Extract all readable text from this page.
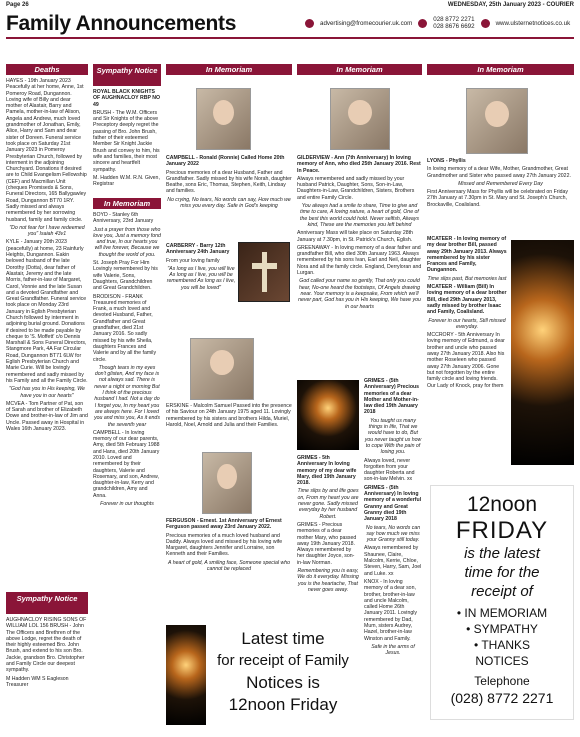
Page 26	WEDNESDAY, 25th January 2023 - COURIER
Family Announcements	advertising@fromecourier.uk.com	028 8772 2271
028 8676 6692	www.ulsternetnotices.co.uk
Deaths

HAYES - 19th January 2023 Peacefully at her home, Anne, 1st Pomeroy Road, Dungannon. Loving wife of Billy and dear mother of Alastair, Barry and Pamela, mother-in-law of Alison, Angela and Andrew, much loved grandmother of Jonathan, Emily, Alice, Harry and Sam and dear sister of Doreen. Funeral service took place on Saturday 21st January 2023 in Pomeroy Presbyterian Church, followed by interment in the adjoining Churchyard. Donations if desired are to Child Evangelism Fellowship (CEF) and Macmillan Unit (cheques Promiseds & Sons, Funeral Directors, 165 Ballygawley Road, Dungannon BT70 1RY. Sadly missed and always remembered by her sorrowing husband, family and family circle.

"Do not fear for I have redeemed you" Isaiah 43v1

KYLE - January 20th 2023 (peacefully) at home, 23 Rainfurly Heights, Dungannon. Eakin beloved husband of the late Dorothy (Dotta), dear father of Alastair, Jeremy and the late Morris, father-in-law of Margaret, Carol, Vonnie and the late Susan and a devoted Grandfather and Great Grandfather. Funeral service took place on Monday 23rd January in Eglish Presbyterian Church followed by interment in adjoining burial ground. Donations if desired to be made payable by cheque to 'S. Moffett' c/o Dennis Marshall & Sons Funeral Directors, Stangmore Park, 4A Far Circular Road, Dungannon BT71 6LW for Eglish Presbyterian Church and Marie Curie. Will be lovingly remembered and sadly missed by his Family and all the Family Circle.

"God has you in His keeping, We have you in our hearts"

MCVEA - Tom Partner of Pat, son of Sarah and brother of Elizabeth Dowe and brother-in-law of Jim and Uncle. Passed away in Hospital in Wales 16th January 2023.

Sympathy Notice

AUGHNACLOY RISING SONS OF WILLIAM LOL 156 BRUSH - John The Officers and Brethren of the above Lodge, regret the death of their highly esteemed Bro. John Brush, and extend to his son Bro. Jackie, grandson Bro. Christopher and Family Circle our deepest sympathy.

M Hadden WM S Eagleson Treasurer

Sympathy Notice

ROYAL BLACK KNIGHTS OF AUGHNACLOY RBP NO 49

BRUSH - The W.M. Officers and Sir Knights of the above Preceptory deeply regret the passing of Bro. John Brush, father of their esteemed Member Sir Knight Jackie Brush and convey to him, his wife and families, their most sincere and heartfelt sympathy.

M. Hadden W.M. R.N. Given, Registrar

In Memoriam

BOYD - Stanley 6th Anniversary, 23rd January

Just a prayer from those who love you, Just a memory fond and true, In our hearts you will live forever, Because we thought the world of you.

St. Joseph Pray For Him Lovingly remembered by his wife Valerie, Sons, Daughters, Grandchildren and Great Grandchildren.

BRODISON - FRANK Treasured memories of Frank, a much loved and devoted Husband, Father, Grandfather and Great grandfather, died 21st January 2016. So sadly missed by his wife Sheila, daughters Frances and Valerie and by all the family circle.

Though tears in my eyes don't glisten, And my face is not always sad. There is never a night or morning But I think of the precious husband I had. Not a day do I forget you, In my heart you are always here. For I loved you and miss you, As it ends the seventh year

CAMPBELL - In loving memory of our dear parents, Amy, died 5th February 1988 and Hans, died 20th January 2010. Loved and remembered by their daughters, Valerie and Rosemary, and son, Andrew, daughter-in-law, Kerry and grandchildren, Amy and Anna.

Forever in our thoughts

In Memoriam

CAMPBELL - Ronald (Ronnie) Called Home 20th January 2022

Precious memories of a dear Husband, Father and Grandfather. Sadly missed by his wife Norah, daughter Beathe, sons Eric, Thomas, Stephen, Keith, Lindsay and families.

No crying, No tears, No words can say, How much we miss you every day. Safe in God's keeping

CARBERRY - Barry 12th Anniversary 24th January

From your loving family

"As long as I live, you will live As long as I live, you will be remembered As long as I live, you will be loved"

ERSKINE - Malcolm Samuel Passed into the presence of his Saviour on 24th January 1975 aged 11. Lovingly remembered by his sisters and brothers Hilda, Muriel, Harold, Noel, Arnold and Julia and their Families.

FERGUSON - Ernest. 1st Anniversary of Ernest Ferguson passed away 23rd January 2022.

Precious memories of a much loved husband and Daddy. Always loved and missed by his loving wife Margaret, daughters Jennifer and Lorraine, son Kenneth and their Families.

A heart of gold, A smiling face, Someone special who cannot be replaced

In Memoriam

GILDERVIEW - Ann (7th Anniversary) In loving memory of Ann, who died 25th January 2016. Rest In Peace.

Always remembered and sadly missed by your husband Patrick, Daughter, Sons, Son-in-Law, Daughters-in-Law, Grandchildren, Sisters, Brothers and entire Family Circle.

You always had a smile to share, Time to give and time to care, A loving nature, a heart of gold, One of the best this world could hold. Never selfish, Always kind, These are the memories you left behind

Anniversary Mass will take place on Saturday 28th January at 7.30pm, in St. Patrick's Church, Eglish.

GREENAWAY - In loving memory of a dear father and grandfather Bill, who died 30th January 1963. Always remembered by his sons Ivan, Earl and Neil, daughter Nora and all the family circle. England, Derryloran and Lurgan.

God called your name so gently, That only you could hear, No-one heard the footsteps, Of Angels drawing near. Your memory is a keepsake, From which we'll never part, God has you in His keeping, We have you in our hearts

GRIMES - 5th Anniversary In loving memory of my dear wife Mary, died 19th January 2018.

Time slips by and life goes on, From my heart you are never gone. Sadly missed everyday by her husband Robert.

GRIMES - Precious memories of a dear mother Mary, who passed away 19th January 2018. Always remembered by her daughter Joyce, son-in-law Norman.

Remembering you is easy, We do it everyday. Missing you is the heartache, That never goes away.

GRIMES - (5th Anniversary) Precious memories of a dear Mother and Mother-in-law died 19th January 2018

You taught us many things in life, That we would have to do, But you never taught us how to cope With the pain of losing you.

Always loved, never forgotten from your daughter Roberta and son-in-law Melvin. xx

GRIMES - (5th Anniversary) In loving memory of a wonderful Granny and Great Granny died 19th January 2018

No tears, No words can say how much we miss your Granny still today.

Always remembered by Shaunee, Claire, Malcolm, Kerrie, Chloe, Steven, Harry, Sam, Joel and Luke. xx

KNOX - In loving memory of a dear son, brother, brother-in-law and uncle Malcolm, called Home 26th January 2011. Lovingly remembered by Dad, Mum, sisters Audrey, Hazel, brother-in-law Winston and Family.

Safe in the arms of Jesus.

In Memoriam

LYONS - Phyllis

In loving memory of a dear Wife, Mother, Grandmother, Great Grandmother and Sister who passed away 27th January 2022.

Missed and Remembered Every Day

First Anniversary Mass for Phyllis will be celebrated on Friday 27th January at 7.30pm in St. Mary and St. Joseph's Church, Brockaville, Coalisland.

MCATEER - In loving memory of my dear brother Bill, passed away 29th January 2013. Always remembered by his sister Frances and Family, Dungannon.

Time slips past, But memories last

MCATEER - William (Bill) In loving memory of a dear brother Bill, died 29th January 2013, sadly missed by brother Isaac and Family, Coalisland.

Forever in our hearts, Still missed everyday.

MCCRORY - 5th Anniversary In loving memory of Edmund, a dear brother and uncle who passed away 27th January 2018. Also his mother Roseleen who passed away 27th January 2006. Gone but not forgotten by the entire family circle and loving friends. Our Lady of Knock, pray for them

12noon
FRIDAY
is the latest
time for the
receipt of
• IN MEMORIAM
• SYMPATHY
• THANKS
NOTICES
Telephone
(028) 8772 2271
Latest time
for receipt of Family
Notices is
12noon Friday
